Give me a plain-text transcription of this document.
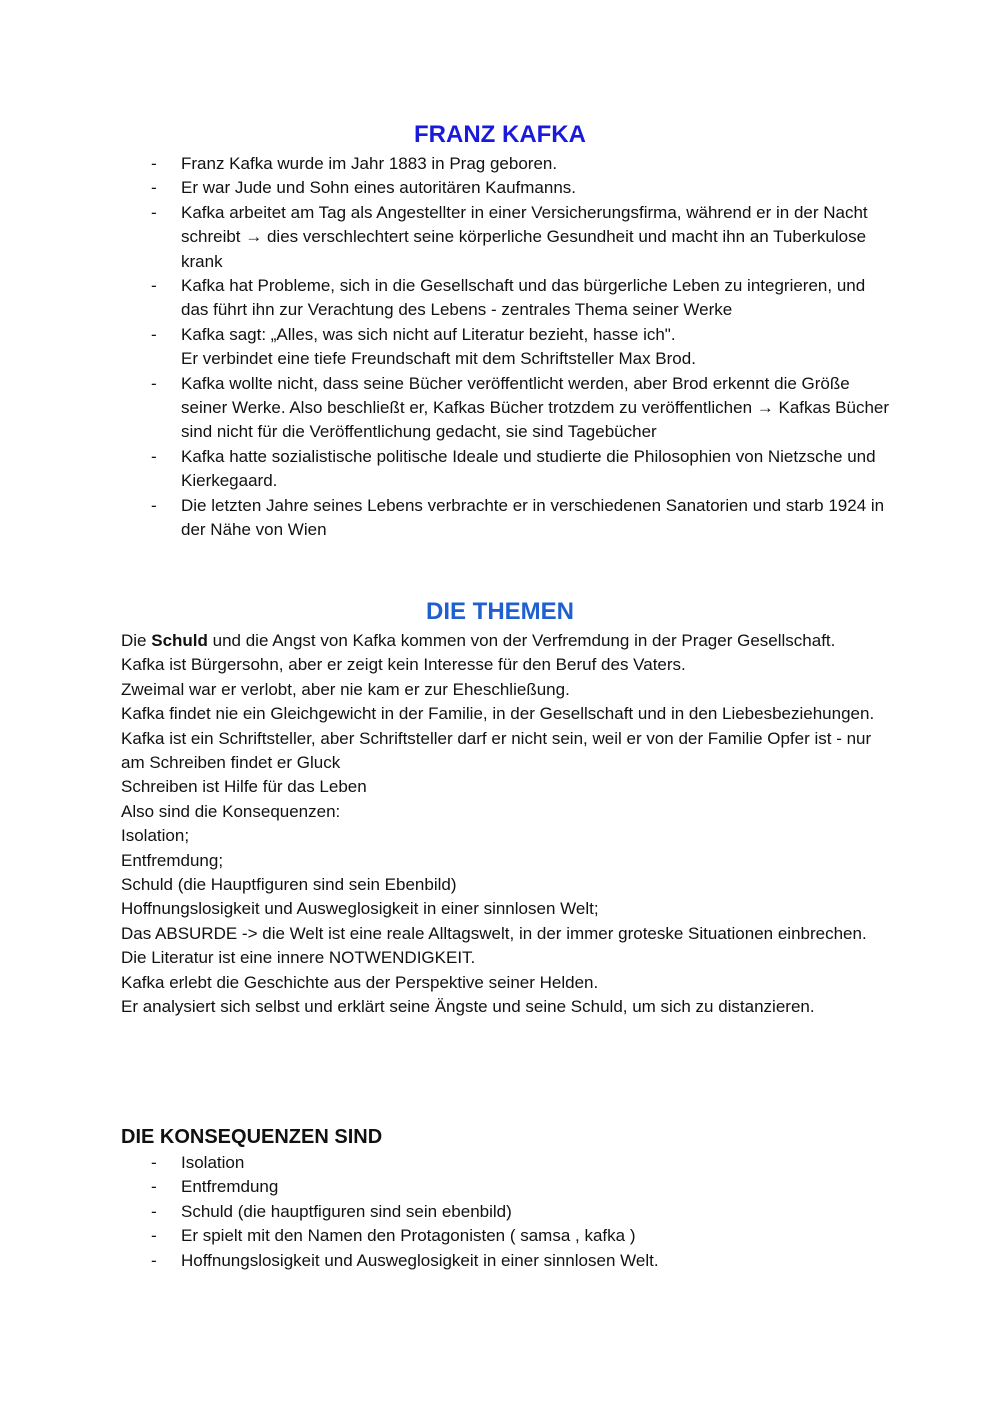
FRANZ KAFKA
- Franz Kafka wurde im Jahr 1883 in Prag geboren.
- Er war Jude und Sohn eines autoritären Kaufmanns.
- Kafka arbeitet am Tag als Angestellter in einer Versicherungsfirma, während er in der Nacht schreibt → dies verschlechtert seine körperliche Gesundheit und macht ihn an Tuberkulose krank
- Kafka hat Probleme, sich in die Gesellschaft und das bürgerliche Leben zu integrieren, und das führt ihn zur Verachtung des Lebens - zentrales Thema seiner Werke
- Kafka sagt: „Alles, was sich nicht auf Literatur bezieht, hasse ich".
Er verbindet eine tiefe Freundschaft mit dem Schriftsteller Max Brod.
- Kafka wollte nicht, dass seine Bücher veröffentlicht werden, aber Brod erkennt die Größe seiner Werke. Also beschließt er, Kafkas Bücher trotzdem zu veröffentlichen → Kafkas Bücher sind nicht für die Veröffentlichung gedacht, sie sind Tagebücher
- Kafka hatte sozialistische politische Ideale und studierte die Philosophien von Nietzsche und Kierkegaard.
- Die letzten Jahre seines Lebens verbrachte er in verschiedenen Sanatorien und starb 1924 in der Nähe von Wien
DIE THEMEN

Die Schuld und die Angst von Kafka kommen von der Verfremdung in der Prager Gesellschaft.

Kafka ist Bürgersohn, aber er zeigt kein Interesse für den Beruf des Vaters.

Zweimal war er verlobt, aber nie kam er zur Eheschließung.

Kafka findet nie ein Gleichgewicht in der Familie, in der Gesellschaft und in den Liebesbeziehungen.

Kafka ist ein Schriftsteller, aber Schriftsteller darf er nicht sein, weil er von der Familie Opfer ist - nur am Schreiben findet er Gluck

Schreiben ist Hilfe für das Leben

Also sind die Konsequenzen:

Isolation;

Entfremdung;

Schuld (die Hauptfiguren sind sein Ebenbild)

Hoffnungslosigkeit und Ausweglosigkeit in einer sinnlosen Welt;

Das ABSURDE -> die Welt ist eine reale Alltagswelt, in der immer groteske Situationen einbrechen.

Die Literatur ist eine innere NOTWENDIGKEIT.

Kafka erlebt die Geschichte aus der Perspektive seiner Helden.

Er analysiert sich selbst und erklärt seine Ängste und seine Schuld, um sich zu distanzieren.

DIE KONSEQUENZEN SIND
- Isolation
- Entfremdung
- Schuld (die hauptfiguren sind sein ebenbild)
- Er spielt mit den Namen den Protagonisten ( samsa , kafka )
- Hoffnungslosigkeit und Ausweglosigkeit in einer sinnlosen Welt.
